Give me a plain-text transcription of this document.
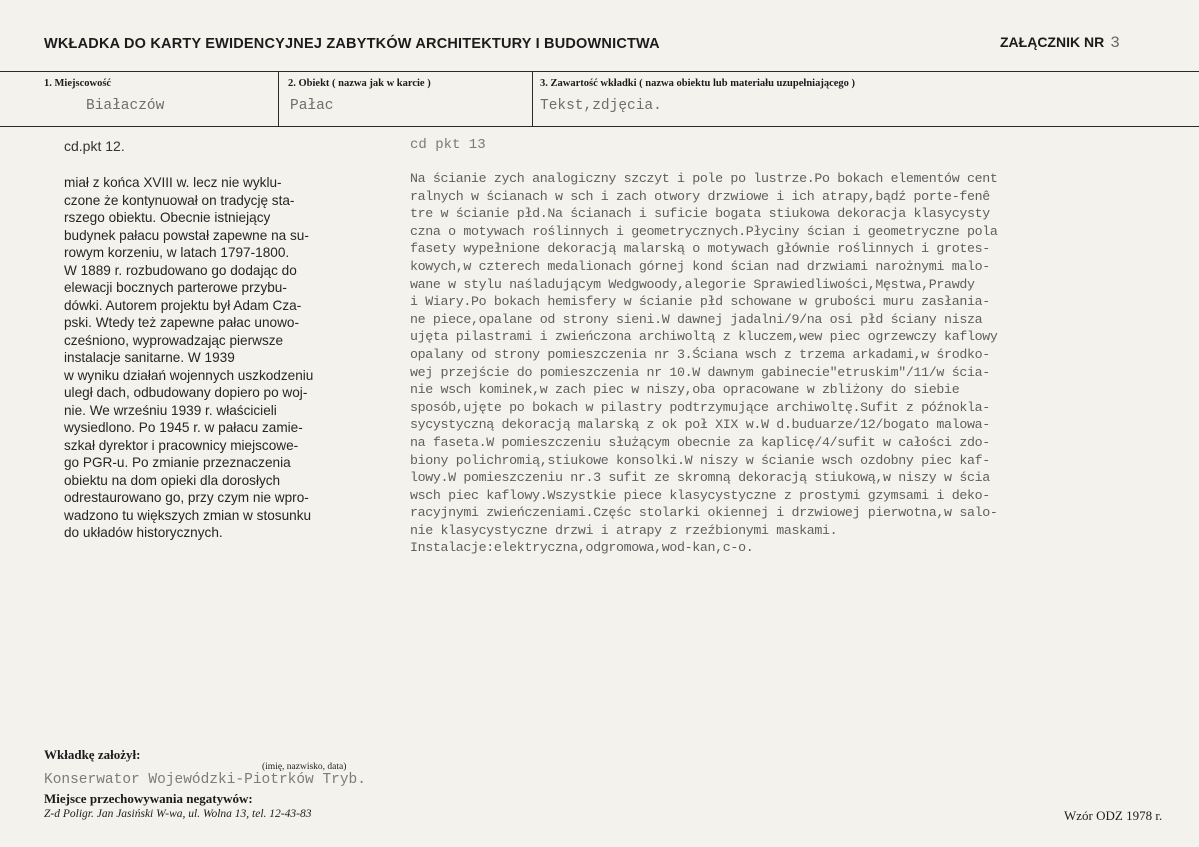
WKŁADKA DO KARTY EWIDENCYJNEJ ZABYTKÓW ARCHITEKTURY I BUDOWNICTWA	ZAŁĄCZNIK NR 3
1. Miejscowość
Białaczów
2. Obiekt ( nazwa jak w karcie )
Pałac
3. Zawartość wkładki ( nazwa obiektu lub materiału uzupełniającego )
Tekst,zdjęcia.
cd.pkt 12.
miał z końca XVIII w. lecz nie wyklu-
czone że kontynuował on tradycję sta-
rszego obiektu. Obecnie istniejący
budynek pałacu powstał zapewne na su-
rowym korzeniu, w latach 1797-1800.
W 1889 r. rozbudowano go dodając do
elewacji bocznych parterowe przybu-
dówki. Autorem projektu był Adam Cza-
pski. Wtedy też zapewne pałac unowo-
cześniono, wyprowadzając pierwsze
instalacje sanitarne. W 1939
w wyniku działań wojennych uszkodzeniu
uległ dach, odbudowany dopiero po woj-
nie. We wrześniu 1939 r. właścicieli
wysiedlono. Po 1945 r. w pałacu zamie-
szkał dyrektor i pracownicy miejscowe-
go PGR-u. Po zmianie przeznaczenia
obiektu na dom opieki dla dorosłych
odrestaurowano go, przy czym nie wpro-
wadzono tu większych zmian w stosunku
do układów historycznych.
cd pkt 13
Na ścianie zych analogiczny szczyt i pole po lustrze.Po bokach elementów cent
ralnych w ścianach w sch i zach otwory drzwiowe i ich atrapy,bądź porte-fenê
tre w ścianie płd.Na ścianach i suficie bogata stiukowa dekoracja klasycysty
czna o motywach roślinnych i geometrycznych.Płyciny ścian i geometryczne pola
fasety wypełnione dekoracją malarską o motywach głównie roślinnych i grotes-
kowych,w czterech medalionach górnej kond ścian nad drzwiami narożnymi malo-
wane w stylu naśladującym Wedgwoody,alegorie Sprawiedliwości,Męstwa,Prawdy
i Wiary.Po bokach hemisfery w ścianie płd schowane w grubości muru zasłania-
ne piece,opalane od strony sieni.W dawnej jadalni/9/na osi płd ściany nisza
ujęta pilastrami i zwieńczona archiwoltą z kluczem,wew piec ogrzewczy kaflowy
opalany od strony pomieszczenia nr 3.Ściana wsch z trzema arkadami,w środko-
wej przejście do pomieszczenia nr 10.W dawnym gabinecie"etruskim"/11/w ścia-
nie wsch kominek,w zach piec w niszy,oba opracowane w zbliżony do siebie
sposób,ujęte po bokach w pilastry podtrzymujące archiwoltę.Sufit z późnokla-
sycystyczną dekoracją malarską z ok poł XIX w.W d.buduarze/12/bogato malowa-
na faseta.W pomieszczeniu służącym obecnie za kaplicę/4/sufit w całości zdo-
biony polichromią,stiukowe konsolki.W niszy w ścianie wsch ozdobny piec kaf-
lowy.W pomieszczeniu nr.3 sufit ze skromną dekoracją stiukową,w niszy w ścia
wsch piec kaflowy.Wszystkie piece klasycystyczne z prostymi gzymsami i deko-
racyjnymi zwieńczeniami.Częśc stolarki okiennej i drzwiowej pierwotna,w salo-
nie klasycystyczne drzwi i atrapy z rzeźbionymi maskami.
Instalacje:elektryczna,odgromowa,wod-kan,c-o.
Wkładkę założył:
(imię, nazwisko, data)
Konserwator Wojewódzki-Piotrków Tryb.
Miejsce przechowywania negatywów:
Z-d Poligr. Jan Jasiński W-wa, ul. Wolna 13, tel. 12-43-83	Wzór ODZ 1978 r.
